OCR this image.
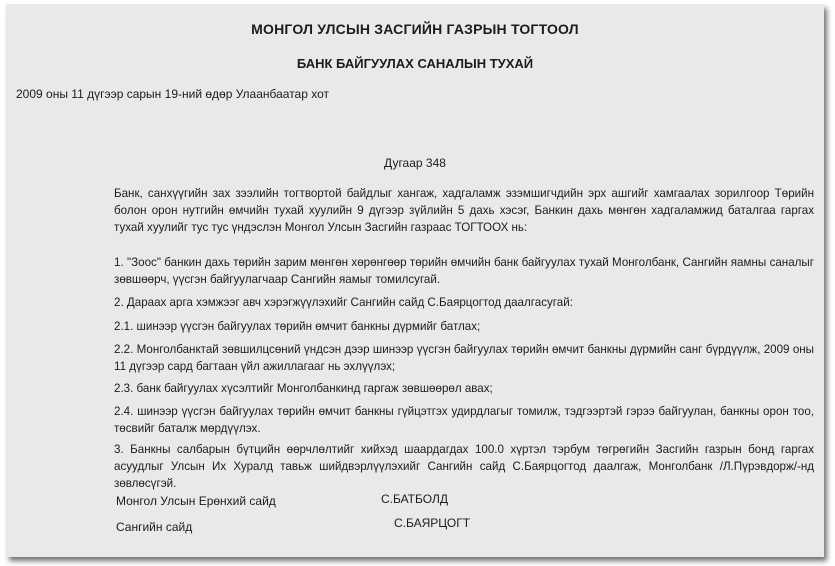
МОНГОЛ УЛСЫН ЗАСГИЙН ГАЗРЫН ТОГТООЛ
БАНК БАЙГУУЛАХ САНАЛЫН ТУХАЙ
2009 оны 11 дүгээр сарын 19-ний өдөр Улаанбаатар хот
Дугаар 348
Банк, санхүүгийн зах зээлийн тогтвортой байдлыг хангаж, хадгаламж эзэмшигчдийн эрх ашгийг хамгаалах зорилгоор Төрийн болон орон нутгийн өмчийн тухай хуулийн 9 дүгээр зүйлийн 5 дахь хэсэг, Банкин дахь мөнгөн хадгаламжид баталгаа гаргах тухай хуулийг тус тус үндэслэн Монгол Улсын Засгийн газраас ТОГТООХ нь:
1. "Зоос" банкин дахь төрийн зарим мөнгөн хөрөнгөөр төрийн өмчийн банк байгуулах тухай Монголбанк, Сангийн яамны саналыг зөвшөөрч, үүсгэн байгуулагчаар Сангийн яамыг томилсугай.
2. Дараах арга хэмжээг авч хэрэгжүүлэхийг Сангийн сайд С.Баярцогтод даалгасугай:
2.1. шинээр үүсгэн байгуулах төрийн өмчит банкны дүрмийг батлах;
2.2. Монголбанктай зөвшилцсөний үндсэн дээр шинээр үүсгэн байгуулах төрийн өмчит банкны дүрмийн санг бүрдүүлж, 2009 оны 11 дүгээр сард багтаан үйл ажиллагааг нь эхлүүлэх;
2.3. банк байгуулах хүсэлтийг Монголбанкинд гаргаж зөвшөөрөл авах;
2.4. шинээр үүсгэн байгуулах төрийн өмчит банкны гүйцэтгэх удирдлагыг томилж, тэдгээртэй гэрээ байгуулан, банкны орон тоо, төсвийг баталж мөрдүүлэх.
3. Банкны салбарын бүтцийн өөрчлөлтийг хийхэд шаардагдах 100.0 хүртэл тэрбум төгрөгийн Засгийн газрын бонд гаргах асуудлыг Улсын Их Хуралд тавьж шийдвэрлүүлэхийг Сангийн сайд С.Баярцогтод даалгаж, Монголбанк /Л.Пүрэвдорж/-нд зөвлөсүгэй.
Монгол Улсын Ерөнхий сайд	С.БАТБОЛД
Сангийн сайд	С.БАЯРЦОГТ
